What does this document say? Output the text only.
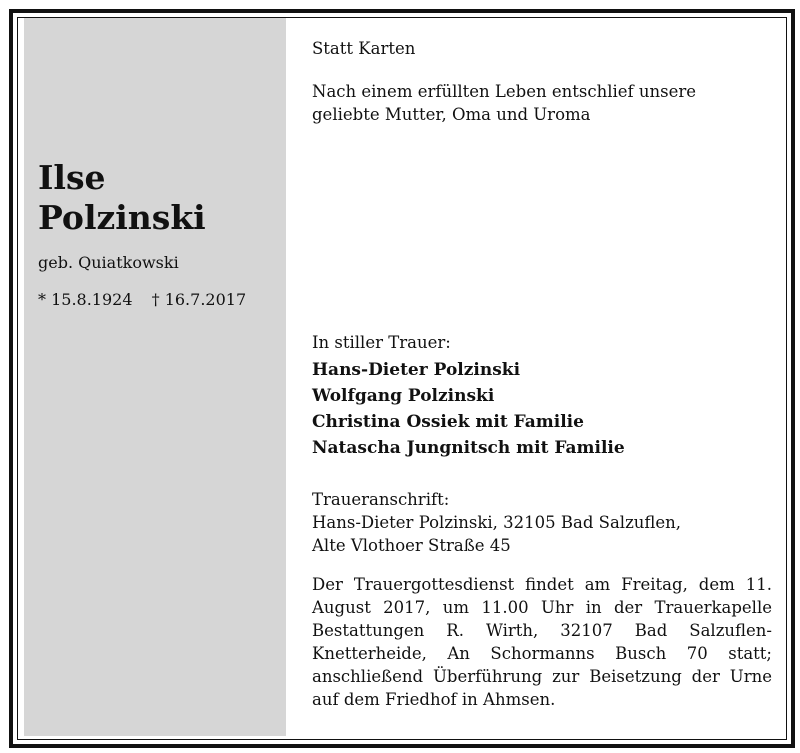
Ilse
Polzinski
geb. Quiatkowski
* 15.8.1924 † 16.7.2017

Statt Karten

Nach einem erfüllten Leben entschlief unsere

geliebte Mutter, Oma und Uroma

In stiller Trauer:

Hans-Dieter Polzinski

Wolfgang Polzinski

Christina Ossiek mit Familie

Natascha Jungnitsch mit Familie

Traueranschrift:

Hans-Dieter Polzinski, 32105 Bad Salzuflen,

Alte Vlothoer Straße 45

Der Trauergottesdienst findet am Freitag, dem 11. August 2017, um 11.00 Uhr in der Trauerkapelle Bestattungen R. Wirth, 32107 Bad Salzuflen-Knetterheide, An Schormanns Busch 70 statt; anschließend Überführung zur Beisetzung der Urne auf dem Friedhof in Ahmsen.
